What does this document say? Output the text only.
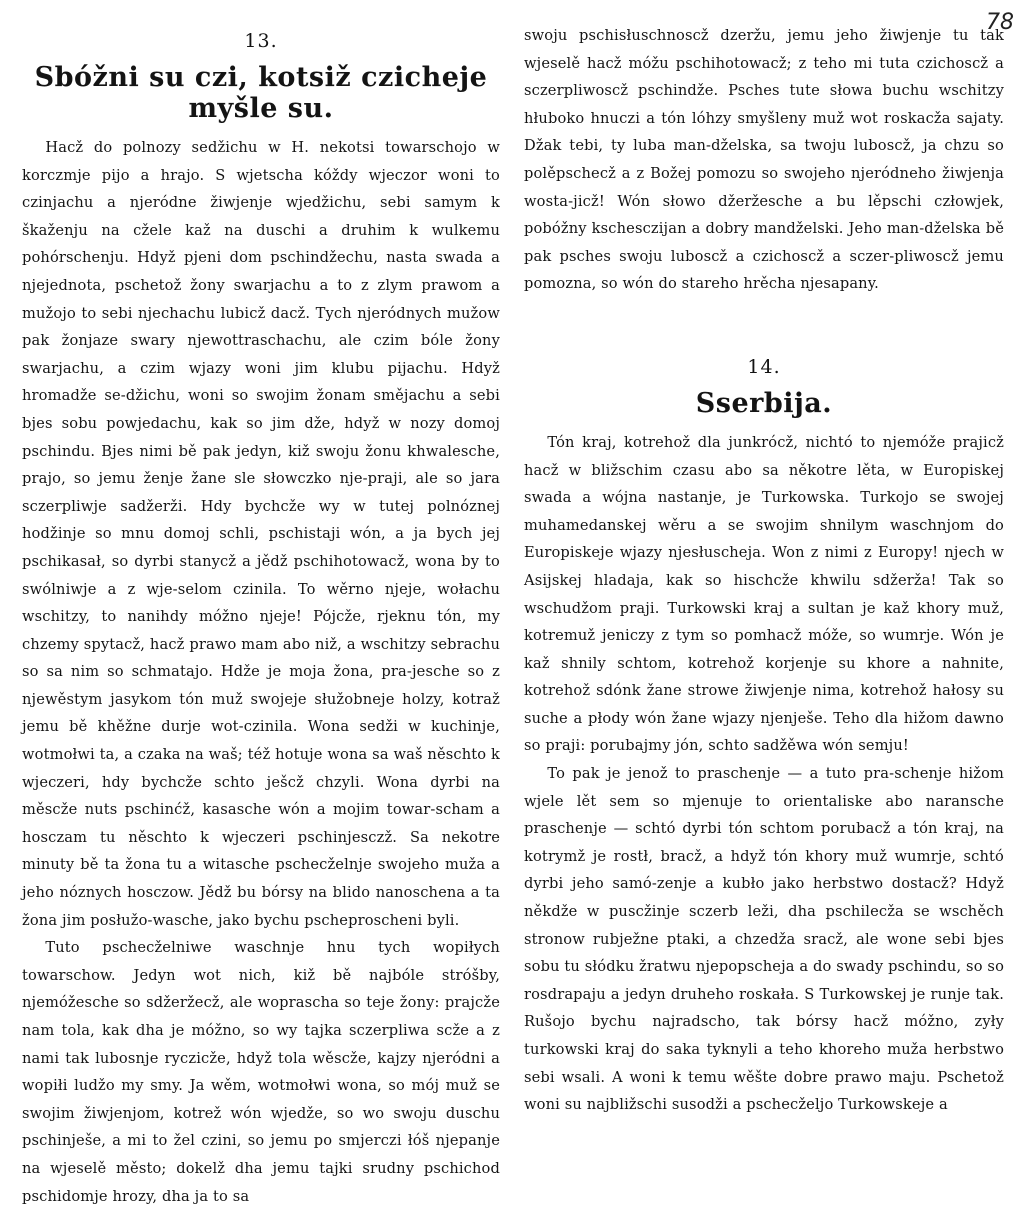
78
13.
Sbóžni su czi, kotsiž czicheje myšle su.

Hacž do polnozy sedžichu w H. nekotsi towarschojo w korczmje pijo a hrajo. S wjetscha kóždy wjeczor woni to czinjachu a njeródne žiwjenje wjedžichu, sebi samym k škaženju na cžele kaž na duschi a druhim k wulkemu pohórschenju. Hdyž pjeni dom pschindžechu, nasta swada a njejednota, pschetož žony swarjachu a to z zlym prawom a mužojo to sebi njechachu lubicž dacž. Tych njeródnych mužow pak žonjaze swary njewottraschachu, ale czim bóle žony swarjachu, a czim wjazy woni jim klubu pijachu. Hdyž hromadže se-džichu, woni so swojim žonam smějachu a sebi bjes sobu powjedachu, kak so jim dže, hdyž w nozy domoj pschindu. Bjes nimi bě pak jedyn, kiž swoju žonu khwalesche, prajo, so jemu ženje žane sle słowczko nje-praji, ale so jara sczerpliwje sadžerži. Hdy bychcže wy w tutej polnóznej hodžinje so mnu domoj schli, pschistaji wón, a ja bych jej pschikasał, so dyrbi stanycž a jědž pschihotowacž, wona by to swólniwje a z wje-selom czinila. To wěrno njeje, wołachu wschitzy, to nanihdy móžno njeje! Pójcže, rjeknu tón, my chzemy spytacž, hacž prawo mam abo niž, a wschitzy sebrachu so sa nim so schmatajo. Hdže je moja žona, pra-jesche so z njewěstym jasykom tón muž swojeje słužobneje holzy, kotraž jemu bě khěžne durje wot-czinila. Wona sedži w kuchinje, wotmołwi ta, a czaka na waš; též hotuje wona sa waš něschto k wjeczeri, hdy bychcže schto ješcž chzyli. Wona dyrbi na měscže nuts pschinćž, kasasche wón a mojim towar-scham a hosczam tu něschto k wjeczeri pschinjesczž. Sa nekotre minuty bě ta žona tu a witasche pschecželnje swojeho muža a jeho nóznych hosczow. Jědž bu bórsy na blido nanoschena a ta žona jim posłužo-wasche, jako bychu pscheproscheni byli.

Tuto pschecželniwe waschnje hnu tych wopiłych towarschow. Jedyn wot nich, kiž bě najbóle stróšby, njemóžesche so sdžeržecž, ale woprascha so teje žony: prajcže nam tola, kak dha je móžno, so wy tajka sczerpliwa scže a z nami tak lubosnje ryczicže, hdyž tola wěscže, kajzy njeródni a wopiłi ludžo my smy. Ja wěm, wotmołwi wona, so mój muž se swojim žiwjenjom, kotrež wón wjedže, so wo swoju duschu pschinješe, a mi to žel czini, so jemu po smjerczi łóš njepanje na wjeselě město; dokelž dha jemu tajki srudny pschichod pschidomje hrozy, dha ja to sa

swoju pschisłuschnoscž dzeržu, jemu jeho žiwjenje tu tak wjeselě hacž móžu pschihotowacž; z teho mi tuta czichoscž a sczerpliwoscž pschindže. Psches tute słowa buchu wschitzy hłuboko hnuczi a tón lóhzy smyšleny muž wot roskacža sajaty. Džak tebi, ty luba man-dželska, sa twoju luboscž, ja chzu so polěpschecž a z Božej pomozu so swojeho njeródneho žiwjenja wosta-jicž! Wón słowo džeržesche a bu lěpschi człowjek, pobóžny kschesczijan a dobry mandželski. Jeho man-dželska bě pak psches swoju luboscž a czichoscž a sczer-pliwoscž jemu pomozna, so wón do stareho hrěcha njesapany.

14.
Sserbija.

Tón kraj, kotrehož dla junkrócž, nichtó to njemóže prajicž hacž w bližschim czasu abo sa někotre lěta, w Europiskej swada a wójna nastanje, je Turkowska. Turkojo se swojej muhamedanskej wěru a se swojim shnilym waschnjom do Europiskeje wjazy njesłuscheja. Won z nimi z Europy! njech w Asijskej hladaja, kak so hischcže khwilu sdžerža! Tak so wschudžom praji. Turkowski kraj a sultan je kaž khory muž, kotremuž jeniczy z tym so pomhacž móže, so wumrje. Wón je kaž shnily schtom, kotrehož korjenje su khore a nahnite, kotrehož sdónk žane strowe žiwjenje nima, kotrehož hałosy su suche a płody wón žane wjazy njenješe. Teho dla hižom dawno so praji: porubajmy jón, schto sadžěwa wón semju!

To pak je jenož to praschenje — a tuto pra-schenje hižom wjele lět sem so mjenuje to orientaliske abo naranschе praschenje — schtó dyrbi tón schtom porubacž a tón kraj, na kotrymž je rostł, bracž, a hdyž tón khory muž wumrje, schtó dyrbi jeho samó-zenje a kubło jako herbstwo dostacž? Hdyž někdže w puscžinje sczerb leži, dha pschilecža se wschěch stronow rubježne ptaki, a chzedža sracž, ale wone sebi bjes sobu tu słódku žratwu njepopscheja a do swady pschindu, so so rosdrapaju a jedyn druheho roskała. S Turkowskej je runje tak. Rušojo bychu najradscho, tak bórsy hacž móžno, zyły turkowski kraj do saka tyknyli a teho khoreho muža herbstwo sebi wsali. A woni k temu wěšte dobre prawo maju. Pschetož woni su najbližschi susodži a pschecželjo Turkowskeje a
